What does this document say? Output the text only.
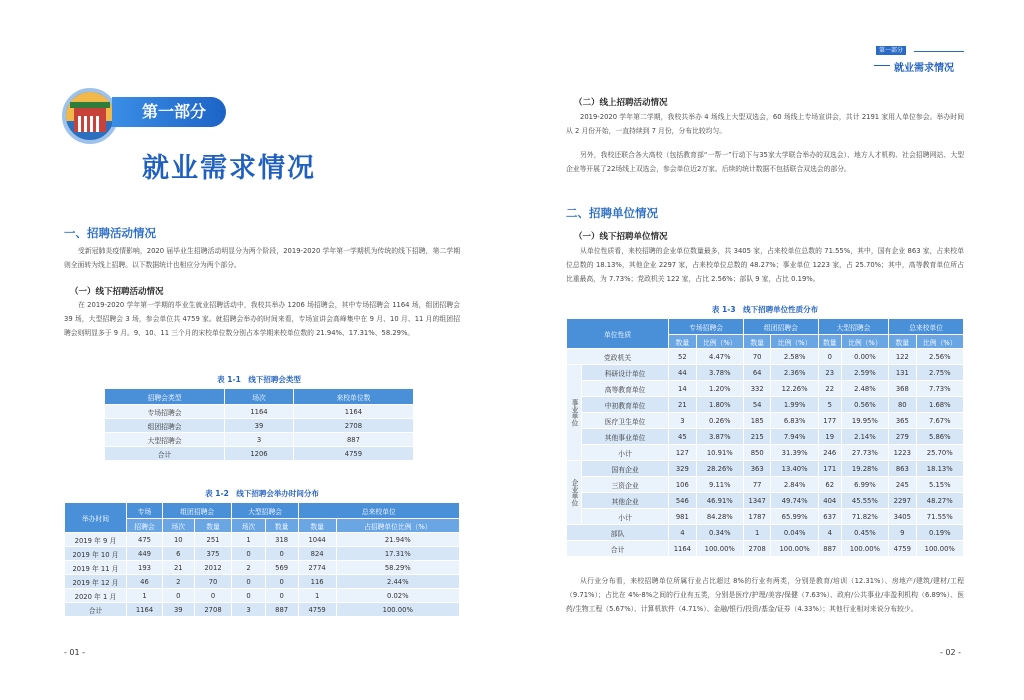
第一部分
就业需求情况
一、招聘活动情况
受新冠肺炎疫情影响，2020 届毕业生招聘活动明显分为两个阶段，2019-2020 学年第一学期机为传统的线下招聘，第二学期则全面转为线上招聘。以下数据统计也相应分为两个部分。
（一）线下招聘活动情况
在 2019-2020 学年第一学期的毕业生就业招聘活动中，我校共举办 1206 场招聘会，其中专场招聘会 1164 场，组团招聘会 39 场，大型招聘会 3 场，参会单位共 4759 家。就招聘会举办的时间来看，专场宣讲会高峰集中在 9 月、10 月、11 月的组团招聘会则明显多于 9 月。9、10、11 三个月的宋校单位数分别占本学期来校单位数的 21.94%、17.31%、58.29%。
表 1-1　线下招聘会类型
招聘会类型	场次	来校单位数
专场招聘会	1164	1164
组团招聘会	39	2708
大型招聘会	3	887
合计	1206	4759
表 1-2　线下招聘会举办时间分布
举办时间	专场	组团招聘会		大型招聘会		总来校单位	
	招聘会	场次	数量	场次	数量	数量	占招聘单位比例（%）
2019 年 9 月	475	10	251	1	318	1044	21.94%
2019 年 10 月	449	6	375	0	0	824	17.31%
2019 年 11 月	193	21	2012	2	569	2774	58.29%
2019 年 12 月	46	2	70	0	0	116	2.44%
2020 年 1 月	1	0	0	0	0	1	0.02%
合计	1164	39	2708	3	887	4759	100.00%
- 01 -	- 02 -
第一部分
就业需求情况
（二）线上招聘活动情况
2019-2020 学年第二学期，我校共举办 4 场线上大型双选会，60 场线上专场宣讲会，共计 2191 家用人单位参会。举办时间从 2 月份开始，一直持续到 7 月份，分布比较均匀。
另外，我校还联合各大高校（包括教育部“一帮一”行动下与35家大学联合举办的双选会）、地方人才机构、社会招聘网站、大型企业等开展了22场线上双选会，参会单位近2万家。后续的统计数据不包括联合双选会的部分。
二、招聘单位情况
（一）线下招聘单位情况
从单位性质看，来校招聘的企业单位数量最多，共 3405 家，占来校单位总数的 71.55%，其中，国有企业 863 家，占来校单位总数的 18.13%，其他企业 2297 家，占来校单位总数的 48.27%；事业单位 1223 家，占 25.70%；其中，高等教育单位所占比重最高，为 7.73%；党政机关 122 家，占比 2.56%；部队 9 家，占比 0.19%。
表 1-3　线下招聘单位性质分布
单位性质		专场招聘会		组团招聘会		大型招聘会		总来校单位	
		数量	比例（%）	数量	比例（%）	数量	比例（%）	数量	比例（%）
党政机关		52	4.47%	70	2.58%	0	0.00%	122	2.56%
事业单位	科研设计单位	44	3.78%	64	2.36%	23	2.59%	131	2.75%
	高等教育单位	14	1.20%	332	12.26%	22	2.48%	368	7.73%
	中初教育单位	21	1.80%	54	1.99%	5	0.56%	80	1.68%
	医疗卫生单位	3	0.26%	185	6.83%	177	19.95%	365	7.67%
	其他事业单位	45	3.87%	215	7.94%	19	2.14%	279	5.86%
	小计	127	10.91%	850	31.39%	246	27.73%	1223	25.70%
企业单位	国有企业	329	28.26%	363	13.40%	171	19.28%	863	18.13%
	三资企业	106	9.11%	77	2.84%	62	6.99%	245	5.15%
	其他企业	546	46.91%	1347	49.74%	404	45.55%	2297	48.27%
	小计	981	84.28%	1787	65.99%	637	71.82%	3405	71.55%
部队		4	0.34%	1	0.04%	4	0.45%	9	0.19%
合计		1164	100.00%	2708	100.00%	887	100.00%	4759	100.00%
从行业分布看，来校招聘单位所属行业占比超过 8%的行业有两类，分别是教育/培训（12.31%）、房地产/建筑/建材/工程（9.71%）；占比在 4%-8%之间的行业有五类，分别是医疗/护理/美容/保健（7.63%）、政府/公共事业/非盈利机构（6.89%）、医药/生物工程（5.67%）、计算机软件（4.71%）、金融/银行/投资/基金/证券（4.33%）；其他行业相对来说分布较少。
